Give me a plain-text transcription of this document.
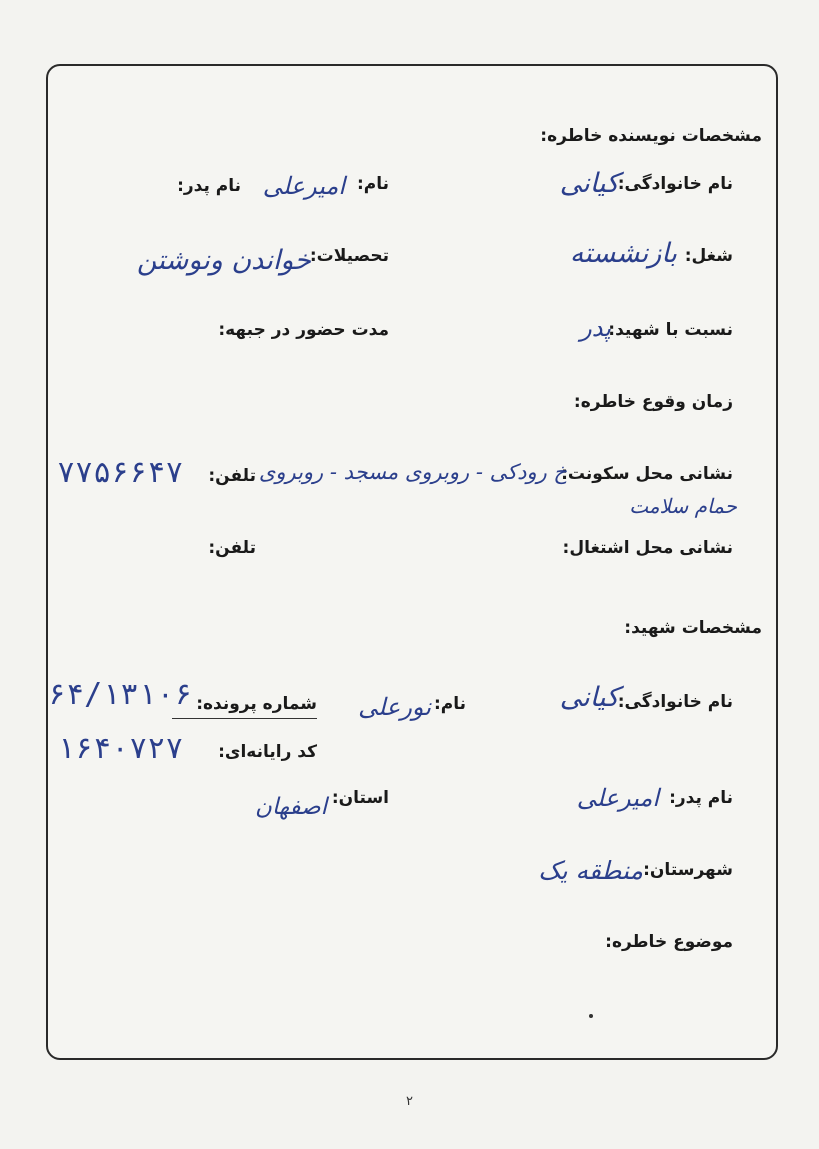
مشخصات نویسنده خاطره:
نام خانوادگی:
کیانی
نام:
امیرعلی
نام پدر:
شغل:
بازنشسته
تحصیلات:
خواندن ونوشتن
نسبت با شهید:
پدر
مدت حضور در جبهه:
زمان وقوع خاطره:
نشانی محل سکونت:
خ رودکی - روبروی مسجد - روبروی
حمام سلامت
تلفن:
۷۷۵۶۶۴۷
نشانی محل اشتغال:
تلفن:
مشخصات شهید:
نام خانوادگی:
کیانی
نام:
نورعلی
شماره پرونده:
۶۴/۱۳۱۰۶
کد رایانه‌ای:
۱۶۴۰۷۲۷
نام پدر:
امیرعلی
استان:
اصفهان
شهرستان:
منطقه یک
موضوع خاطره:
۲
